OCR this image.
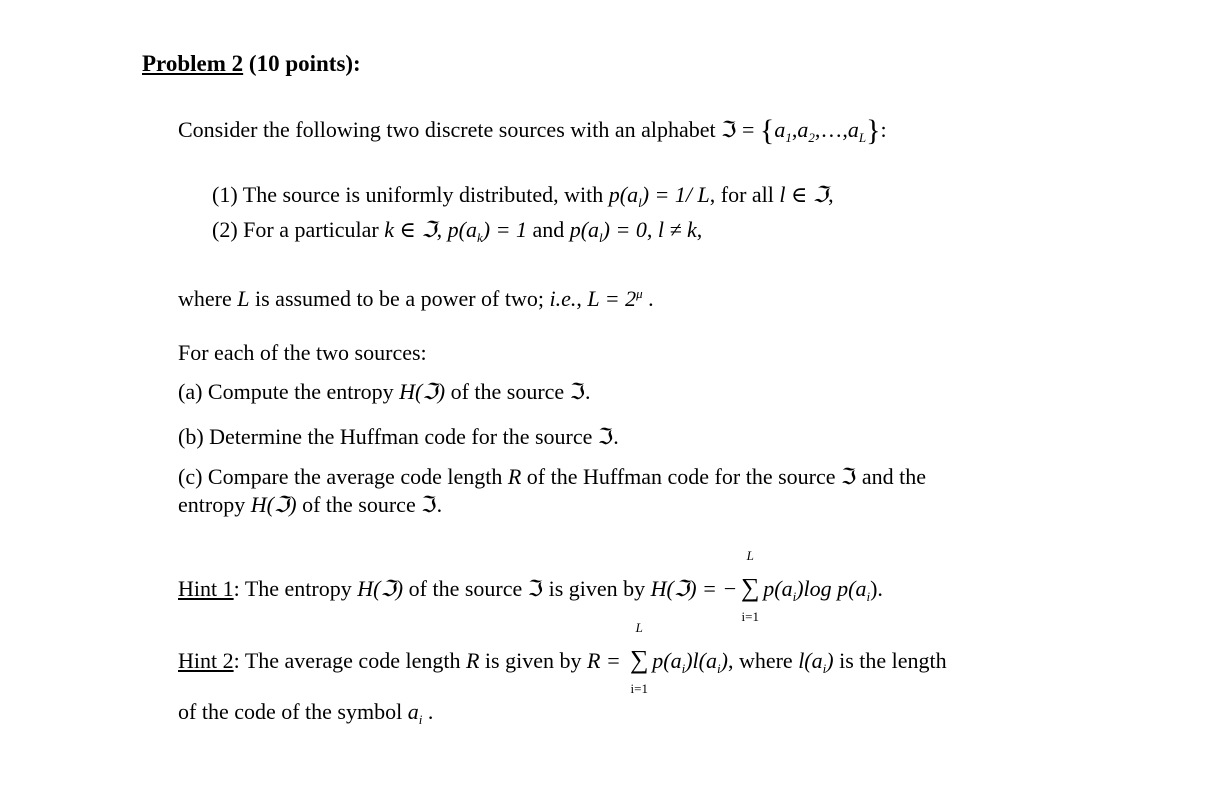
Problem 2 (10 points):
Consider the following two discrete sources with an alphabet ℑ = $\{a_1,a_2,\dots,a_L\}$:
(1) The source is uniformly distributed, with $p(a_l) = 1/$ L, for all l ∈ ℑ,
(2) For a particular k ∈ ℑ, $p(a_k) = 1$ and $p(a_l) = 0$, l ≠ k,
where L is assumed to be a power of two; i.e., $L = 2^\mu$ .
For each of the two sources:
(a) Compute the entropy H(ℑ) of the source ℑ.
(b) Determine the Huffman code for the source ℑ.
(c) Compare the average code length R of the Huffman code for the source ℑ and the
entropy H(ℑ) of the source ℑ.
Hint 1: The entropy H(ℑ) of the source ℑ is given by H(ℑ) = −
L
∑
i=1
$p(a_i)\log$ $p(a_i)$.
Hint 2: The average code length R is given by R =
L
∑
i=1
$p(a_i)l(a_i)$, where $l(a_i)$ is the length
of the code of the symbol $a_i$ .
